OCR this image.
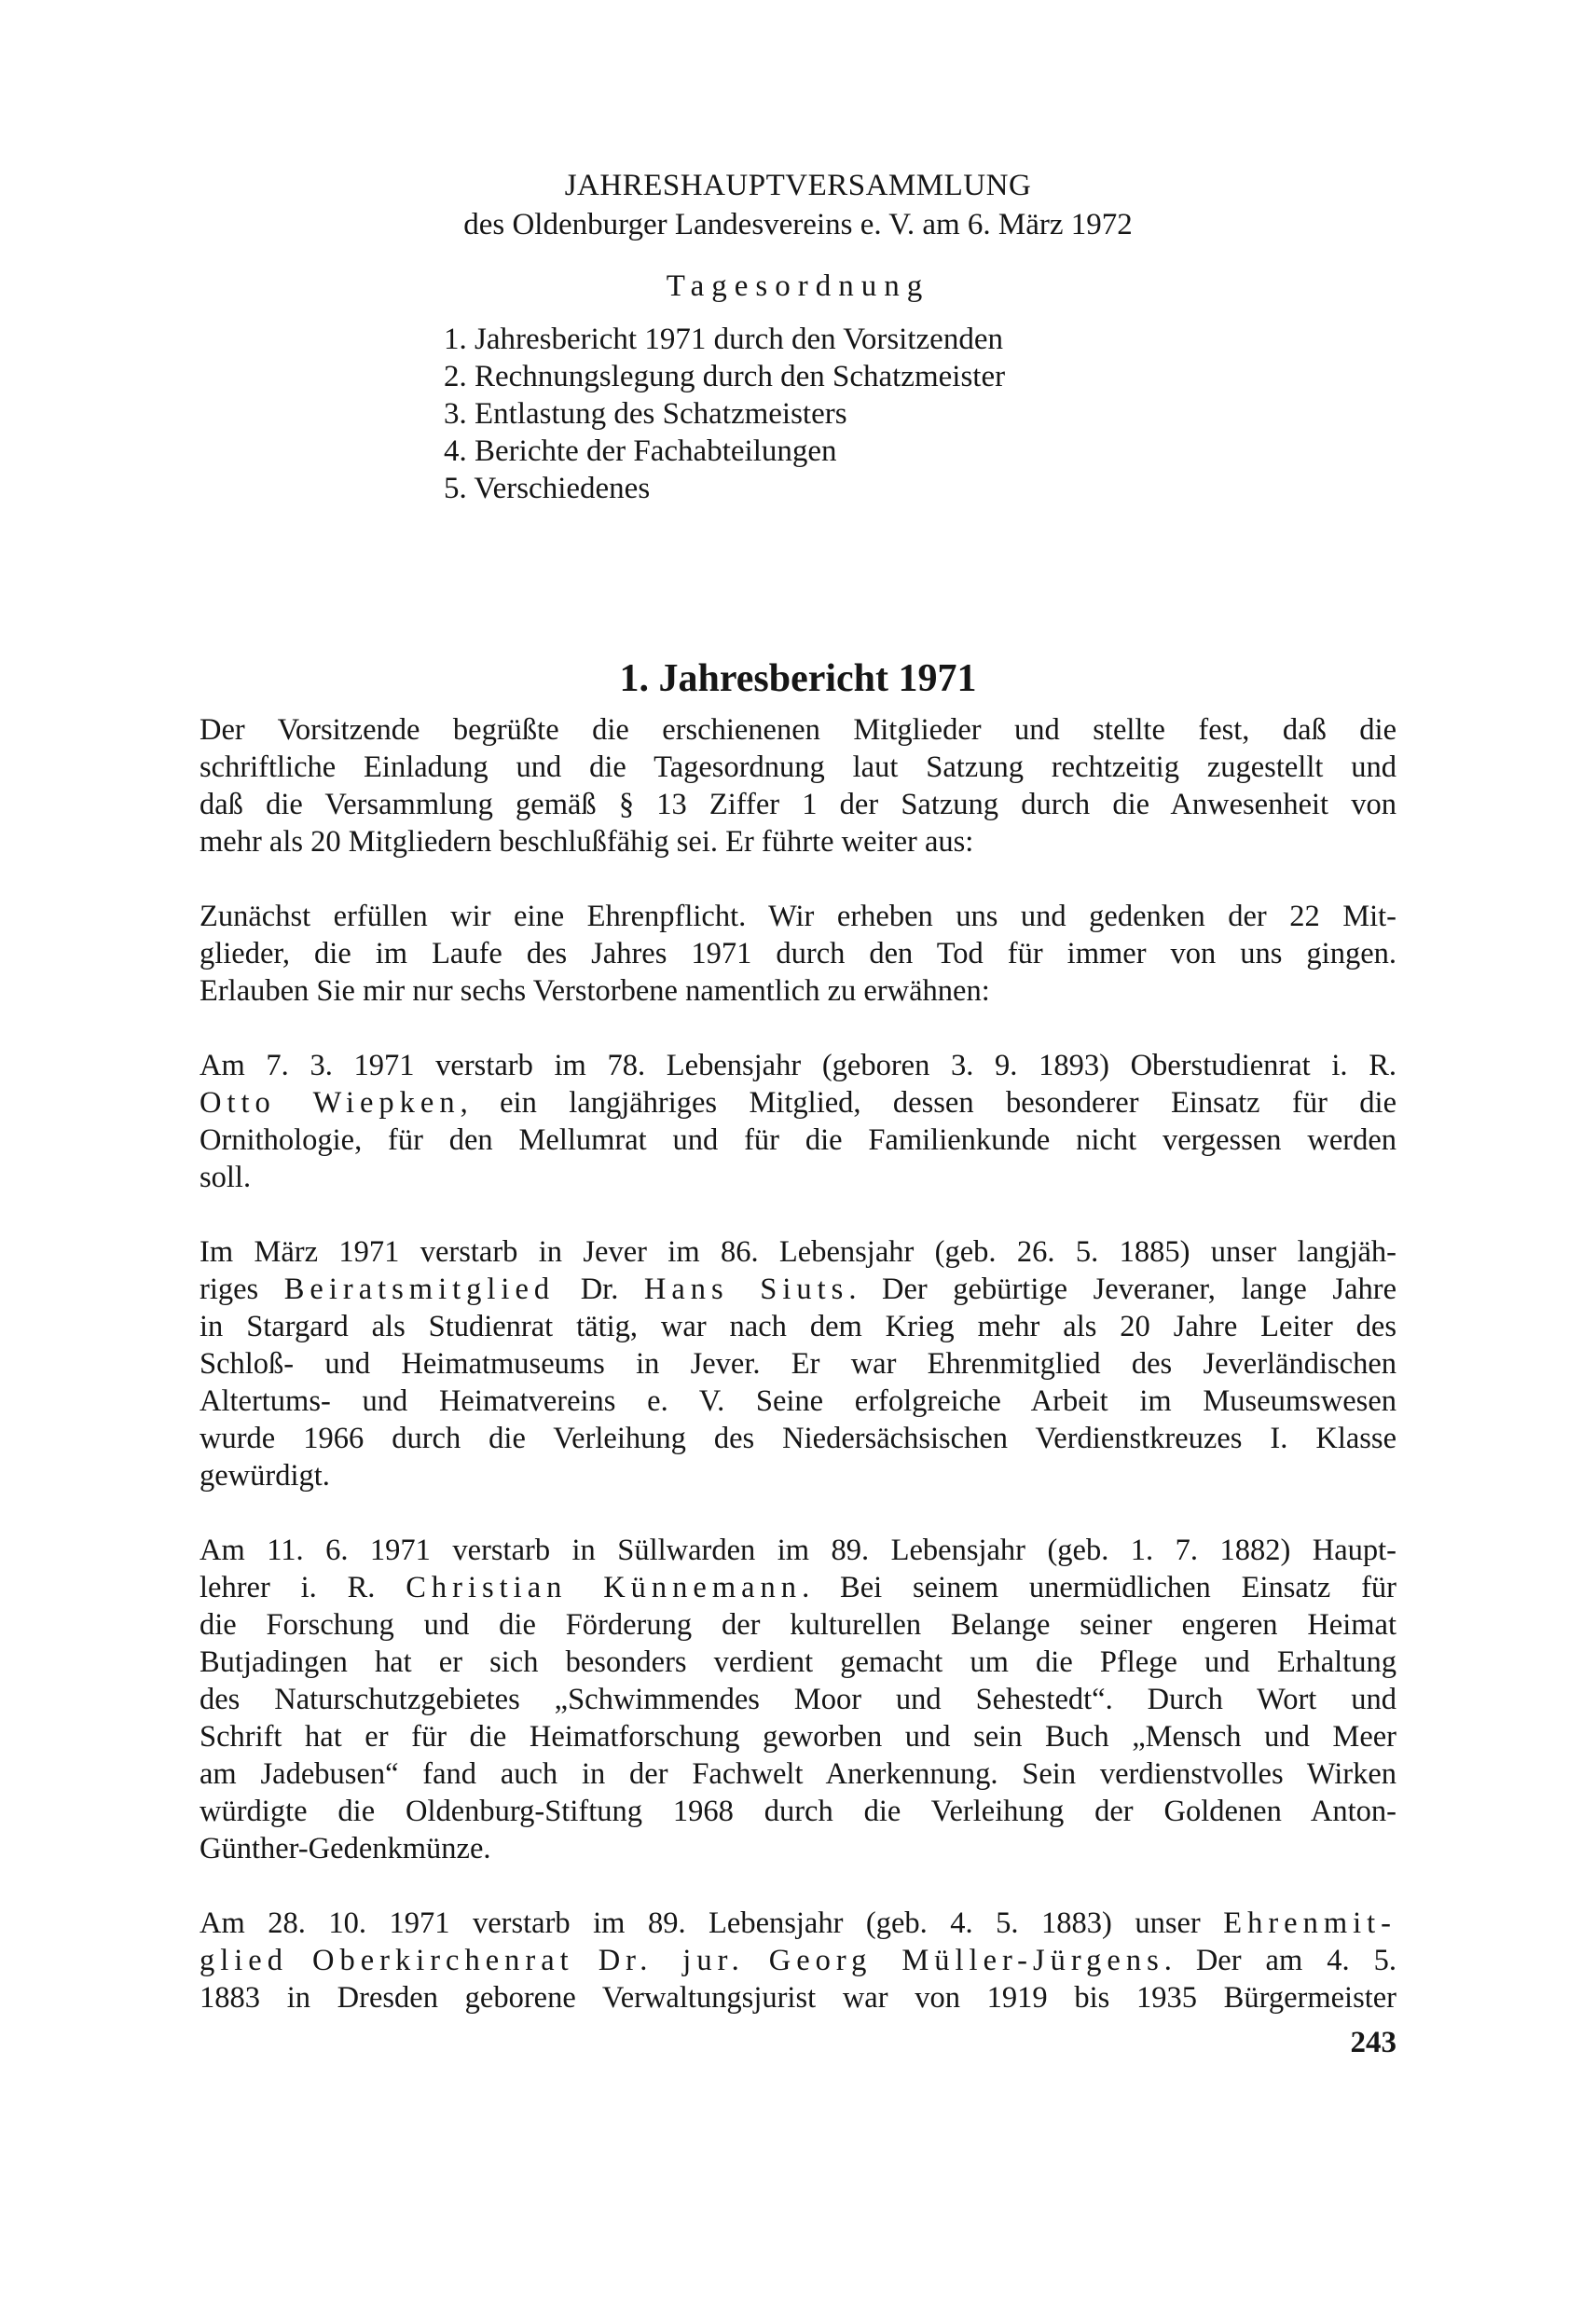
JAHRESHAUPTVERSAMMLUNG
des Oldenburger Landesvereins e. V. am 6. März 1972
Tagesordnung
1. Jahresbericht 1971 durch den Vorsitzenden
2. Rechnungslegung durch den Schatzmeister
3. Entlastung des Schatzmeisters
4. Berichte der Fachabteilungen
5. Verschiedenes
1. Jahresbericht 1971

Der Vorsitzende begrüßte die erschienenen Mitglieder und stellte fest, daß die
schriftliche Einladung und die Tagesordnung laut Satzung rechtzeitig zugestellt und
daß die Versammlung gemäß § 13 Ziffer 1 der Satzung durch die Anwesenheit von
mehr als 20 Mitgliedern beschlußfähig sei. Er führte weiter aus:

Zunächst erfüllen wir eine Ehrenpflicht. Wir erheben uns und gedenken der 22 Mit-
glieder, die im Laufe des Jahres 1971 durch den Tod für immer von uns gingen.
Erlauben Sie mir nur sechs Verstorbene namentlich zu erwähnen:

Am 7. 3. 1971 verstarb im 78. Lebensjahr (geboren 3. 9. 1893) Oberstudienrat i. R.
Otto Wiepken, ein langjähriges Mitglied, dessen besonderer Einsatz für die
Ornithologie, für den Mellumrat und für die Familienkunde nicht vergessen werden
soll.

Im März 1971 verstarb in Jever im 86. Lebensjahr (geb. 26. 5. 1885) unser langjäh-
riges Beiratsmitglied Dr. Hans Siuts. Der gebürtige Jeveraner, lange Jahre
in Stargard als Studienrat tätig, war nach dem Krieg mehr als 20 Jahre Leiter des
Schloß- und Heimatmuseums in Jever. Er war Ehrenmitglied des Jeverländischen
Altertums- und Heimatvereins e. V. Seine erfolgreiche Arbeit im Museumswesen
wurde 1966 durch die Verleihung des Niedersächsischen Verdienstkreuzes I. Klasse
gewürdigt.

Am 11. 6. 1971 verstarb in Süllwarden im 89. Lebensjahr (geb. 1. 7. 1882) Haupt-
lehrer i. R. Christian Künnemann. Bei seinem unermüdlichen Einsatz für
die Forschung und die Förderung der kulturellen Belange seiner engeren Heimat
Butjadingen hat er sich besonders verdient gemacht um die Pflege und Erhaltung
des Naturschutzgebietes „Schwimmendes Moor und Sehestedt“. Durch Wort und
Schrift hat er für die Heimatforschung geworben und sein Buch „Mensch und Meer
am Jadebusen“ fand auch in der Fachwelt Anerkennung. Sein verdienstvolles Wirken
würdigte die Oldenburg-Stiftung 1968 durch die Verleihung der Goldenen Anton-
Günther-Gedenkmünze.

Am 28. 10. 1971 verstarb im 89. Lebensjahr (geb. 4. 5. 1883) unser Ehrenmit-
glied Oberkirchenrat Dr. jur. Georg Müller-Jürgens. Der am 4. 5.
1883 in Dresden geborene Verwaltungsjurist war von 1919 bis 1935 Bürgermeister

243
